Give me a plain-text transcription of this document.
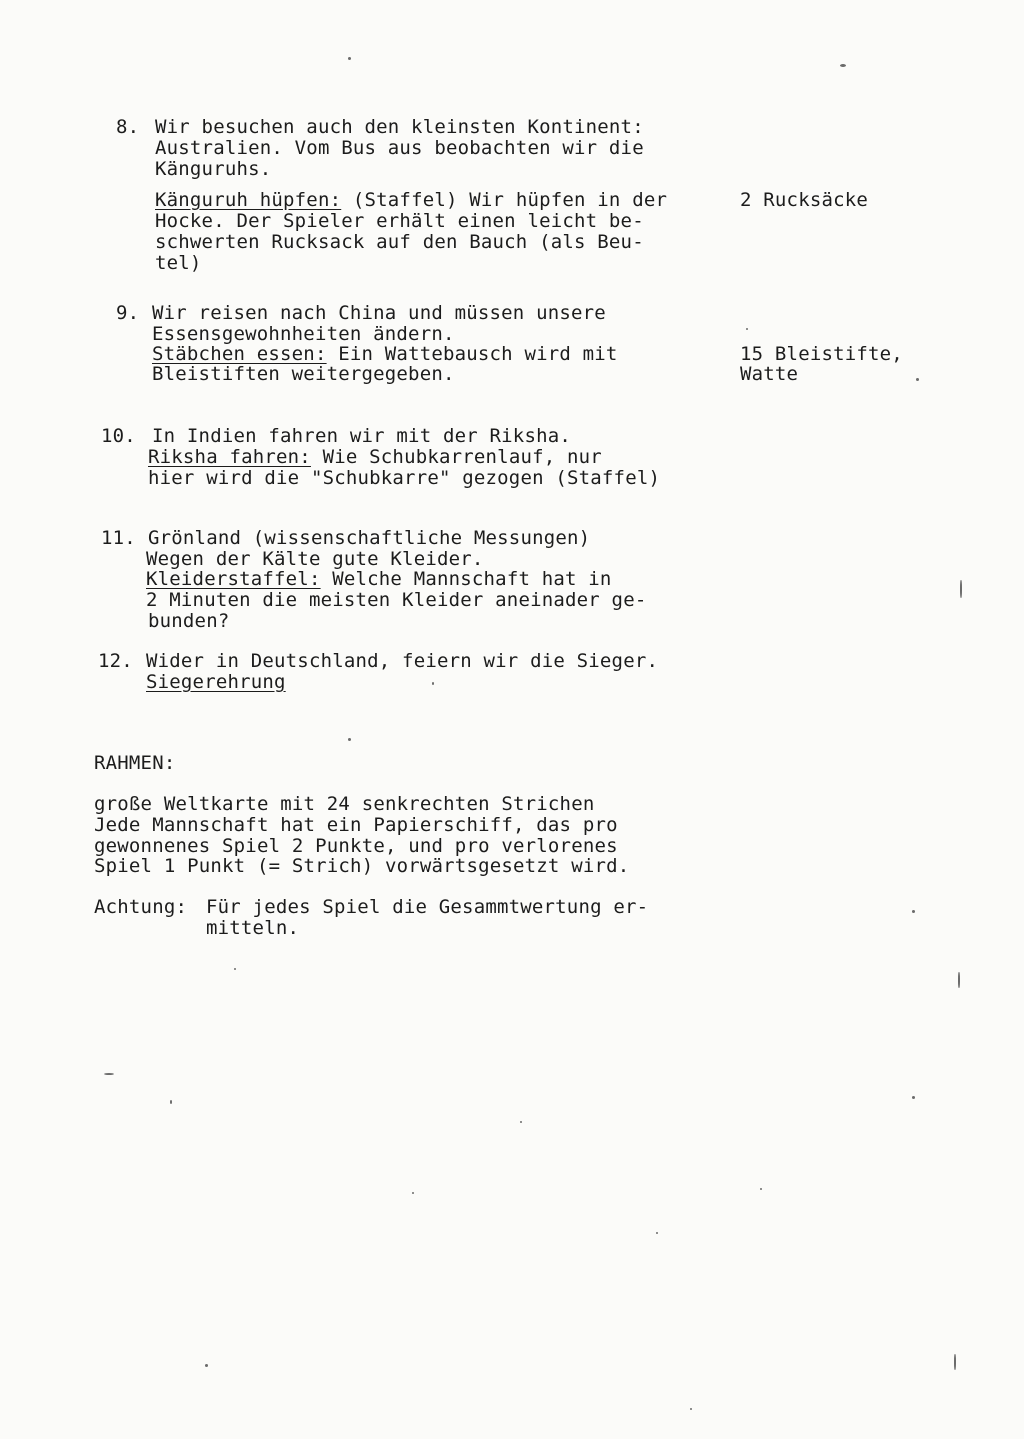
8. Wir besuchen auch den kleinsten Kontinent:
Australien. Vom Bus aus beobachten wir die
Känguruhs.
Känguruh hüpfen: (Staffel) Wir hüpfen in der
Hocke. Der Spieler erhält einen leicht be-
schwerten Rucksack auf den Bauch (als Beu-
tel)
2 Rucksäcke
9. Wir reisen nach China und müssen unsere
Essensgewohnheiten ändern.
Stäbchen essen: Ein Wattebausch wird mit
Bleistiften weitergegeben.
15 Bleistifte,
Watte
10. In Indien fahren wir mit der Riksha.
Riksha fahren: Wie Schubkarrenlauf, nur
hier wird die "Schubkarre" gezogen (Staffel)
11. Grönland (wissenschaftliche Messungen)
Wegen der Kälte gute Kleider.
Kleiderstaffel: Welche Mannschaft hat in
2 Minuten die meisten Kleider aneinader ge-
bunden?
12. Wider in Deutschland, feiern wir die Sieger.
Siegerehrung
RAHMEN:
große Weltkarte mit 24 senkrechten Strichen
Jede Mannschaft hat ein Papierschiff, das pro
gewonnenes Spiel 2 Punkte, und pro verlorenes
Spiel 1 Punkt (= Strich) vorwärtsgesetzt wird.
Achtung: Für jedes Spiel die Gesammtwertung er-
mitteln.
